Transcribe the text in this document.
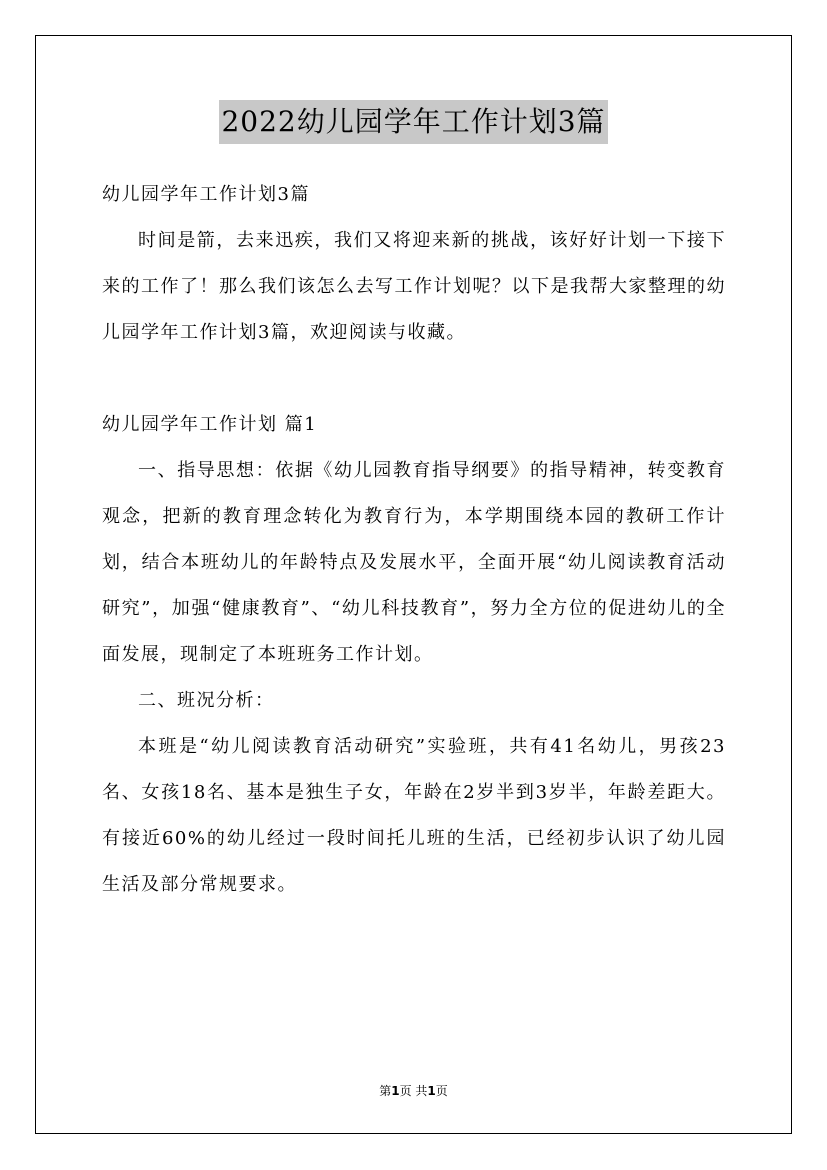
2022幼儿园学年工作计划3篇

幼儿园学年工作计划3篇

时间是箭，去来迅疾，我们又将迎来新的挑战，该好好计划一下接下来的工作了！那么我们该怎么去写工作计划呢？以下是我帮大家整理的幼儿园学年工作计划3篇，欢迎阅读与收藏。

幼儿园学年工作计划 篇1

一、指导思想：依据《幼儿园教育指导纲要》的指导精神，转变教育观念，把新的教育理念转化为教育行为，本学期围绕本园的教研工作计划，结合本班幼儿的年龄特点及发展水平，全面开展“幼儿阅读教育活动研究”，加强“健康教育”、“幼儿科技教育”，努力全方位的促进幼儿的全面发展，现制定了本班班务工作计划。

二、班况分析：

本班是“幼儿阅读教育活动研究”实验班，共有41名幼儿，男孩23名、女孩18名、基本是独生子女，年龄在2岁半到3岁半，年龄差距大。有接近60%的幼儿经过一段时间托儿班的生活，已经初步认识了幼儿园生活及部分常规要求。

第1页 共1页
